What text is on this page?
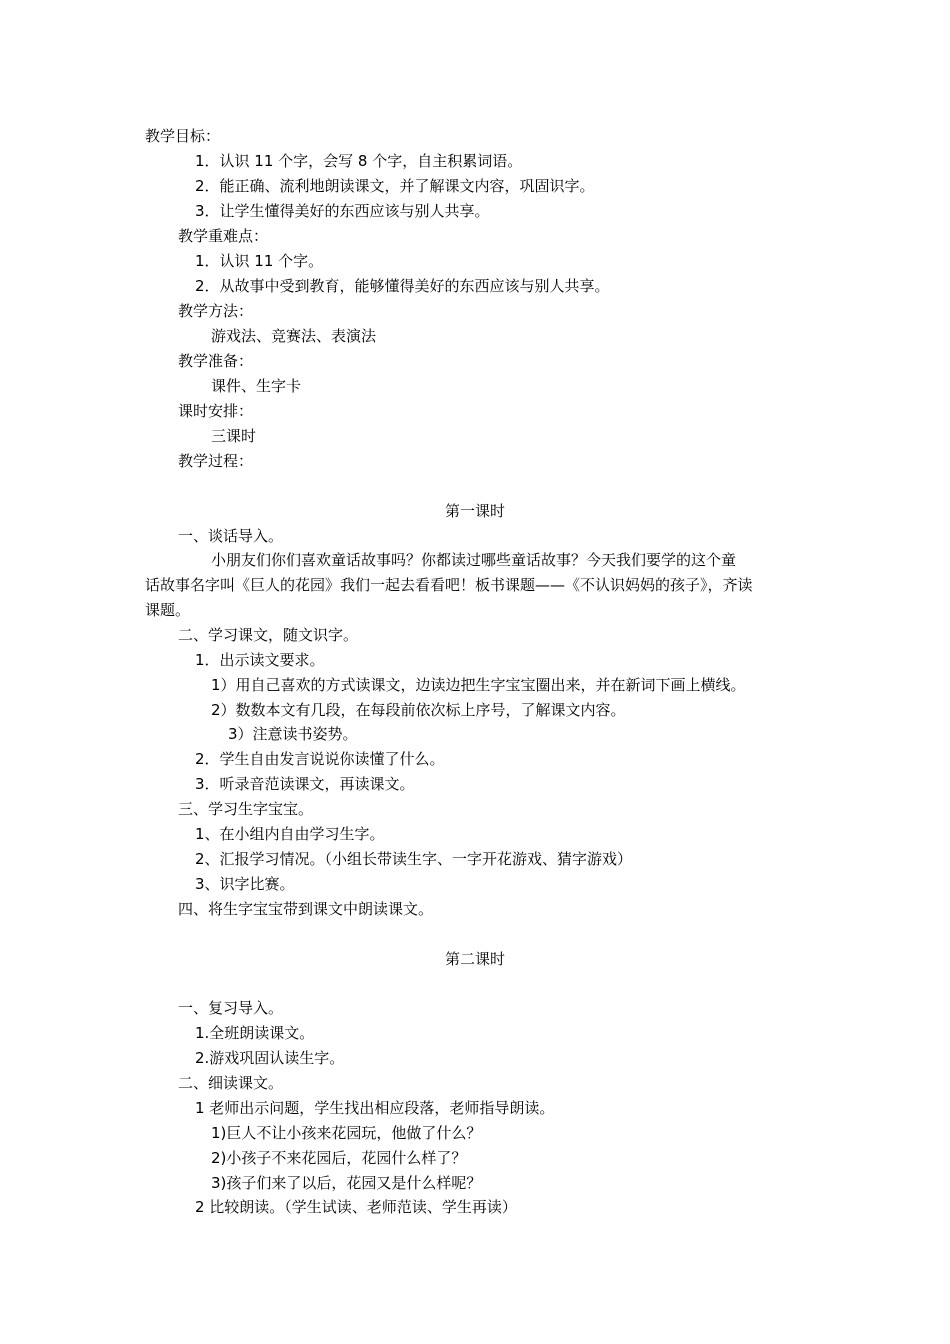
教学目标：
1．认识 11 个字，会写 8 个字，自主积累词语。
2．能正确、流利地朗读课文，并了解课文内容，巩固识字。
3．让学生懂得美好的东西应该与别人共享。
教学重难点：
1．认识 11 个字。
2．从故事中受到教育，能够懂得美好的东西应该与别人共享。
教学方法：
游戏法、竞赛法、表演法
教学准备：
课件、生字卡
课时安排：
三课时
教学过程：
第一课时
一、谈话导入。
小朋友们你们喜欢童话故事吗？你都读过哪些童话故事？今天我们要学的这个童
话故事名字叫《巨人的花园》我们一起去看看吧！板书课题——《不认识妈妈的孩子》，齐读
课题。
二、学习课文，随文识字。
1．出示读文要求。
1）用自己喜欢的方式读课文，边读边把生字宝宝圈出来，并在新词下画上横线。
2）数数本文有几段，在每段前依次标上序号，了解课文内容。
3）注意读书姿势。
2．学生自由发言说说你读懂了什么。
3．听录音范读课文，再读课文。
三、学习生字宝宝。
1、在小组内自由学习生字。
2、汇报学习情况。（小组长带读生字、一字开花游戏、猜字游戏）
3、识字比赛。
四、将生字宝宝带到课文中朗读课文。
第二课时
一、复习导入。
1.全班朗读课文。
2.游戏巩固认读生字。
二、细读课文。
1 老师出示问题，学生找出相应段落，老师指导朗读。
1)巨人不让小孩来花园玩，他做了什么？
2)小孩子不来花园后，花园什么样了？
3)孩子们来了以后，花园又是什么样呢？
2 比较朗读。（学生试读、老师范读、学生再读）
